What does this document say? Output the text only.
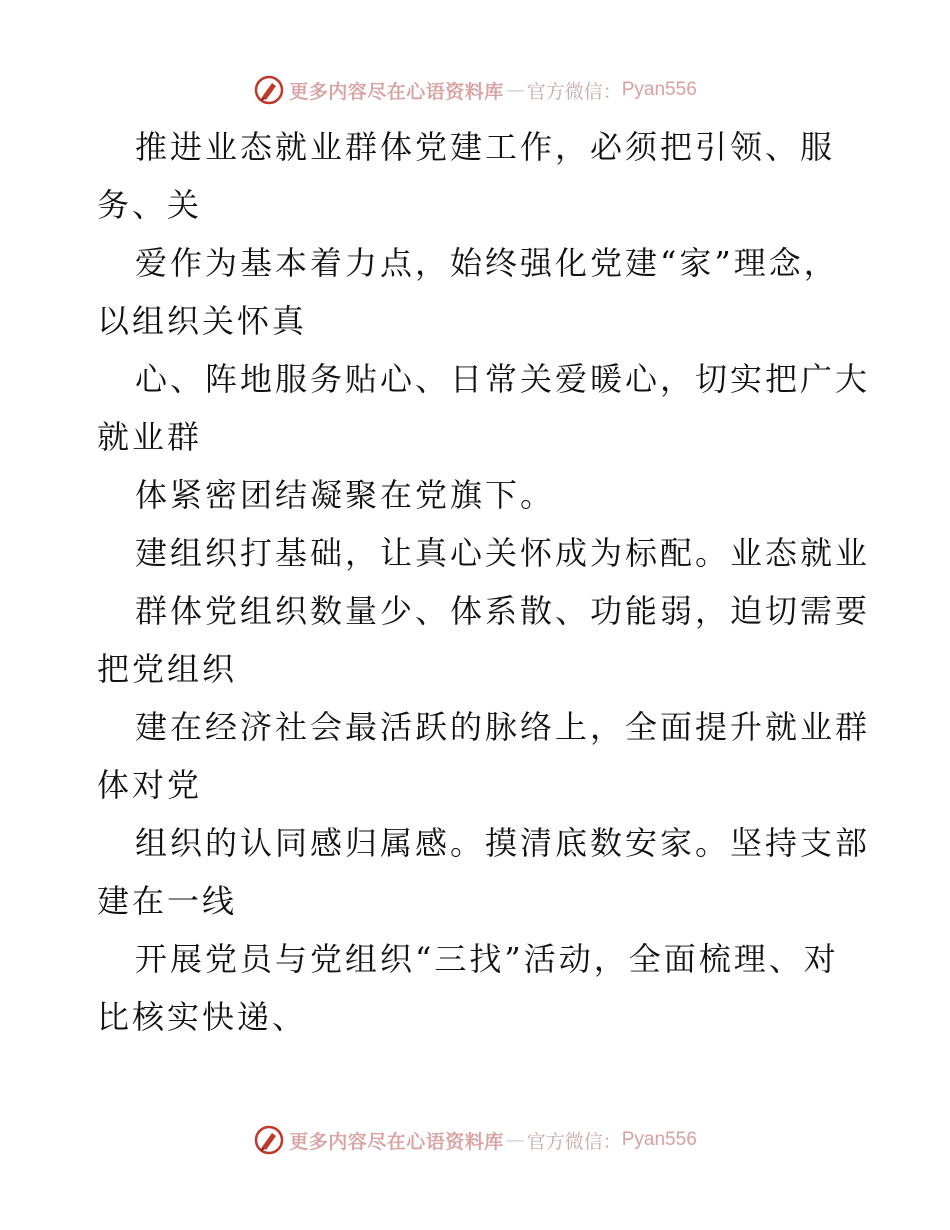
更多内容尽在心语资料库 — 官方微信： Pyan556
推进业态就业群体党建工作，必须把引领、服
务、关
爱作为基本着力点，始终强化党建“家”理念，
以组织关怀真
心、阵地服务贴心、日常关爱暖心，切实把广大
就业群
体紧密团结凝聚在党旗下。
建组织打基础，让真心关怀成为标配。业态就业
群体党组织数量少、体系散、功能弱，迫切需要
把党组织
建在经济社会最活跃的脉络上，全面提升就业群
体对党
组织的认同感归属感。摸清底数安家。坚持支部
建在一线
开展党员与党组织“三找”活动，全面梳理、对
比核实快递、
更多内容尽在心语资料库 — 官方微信： Pyan556
